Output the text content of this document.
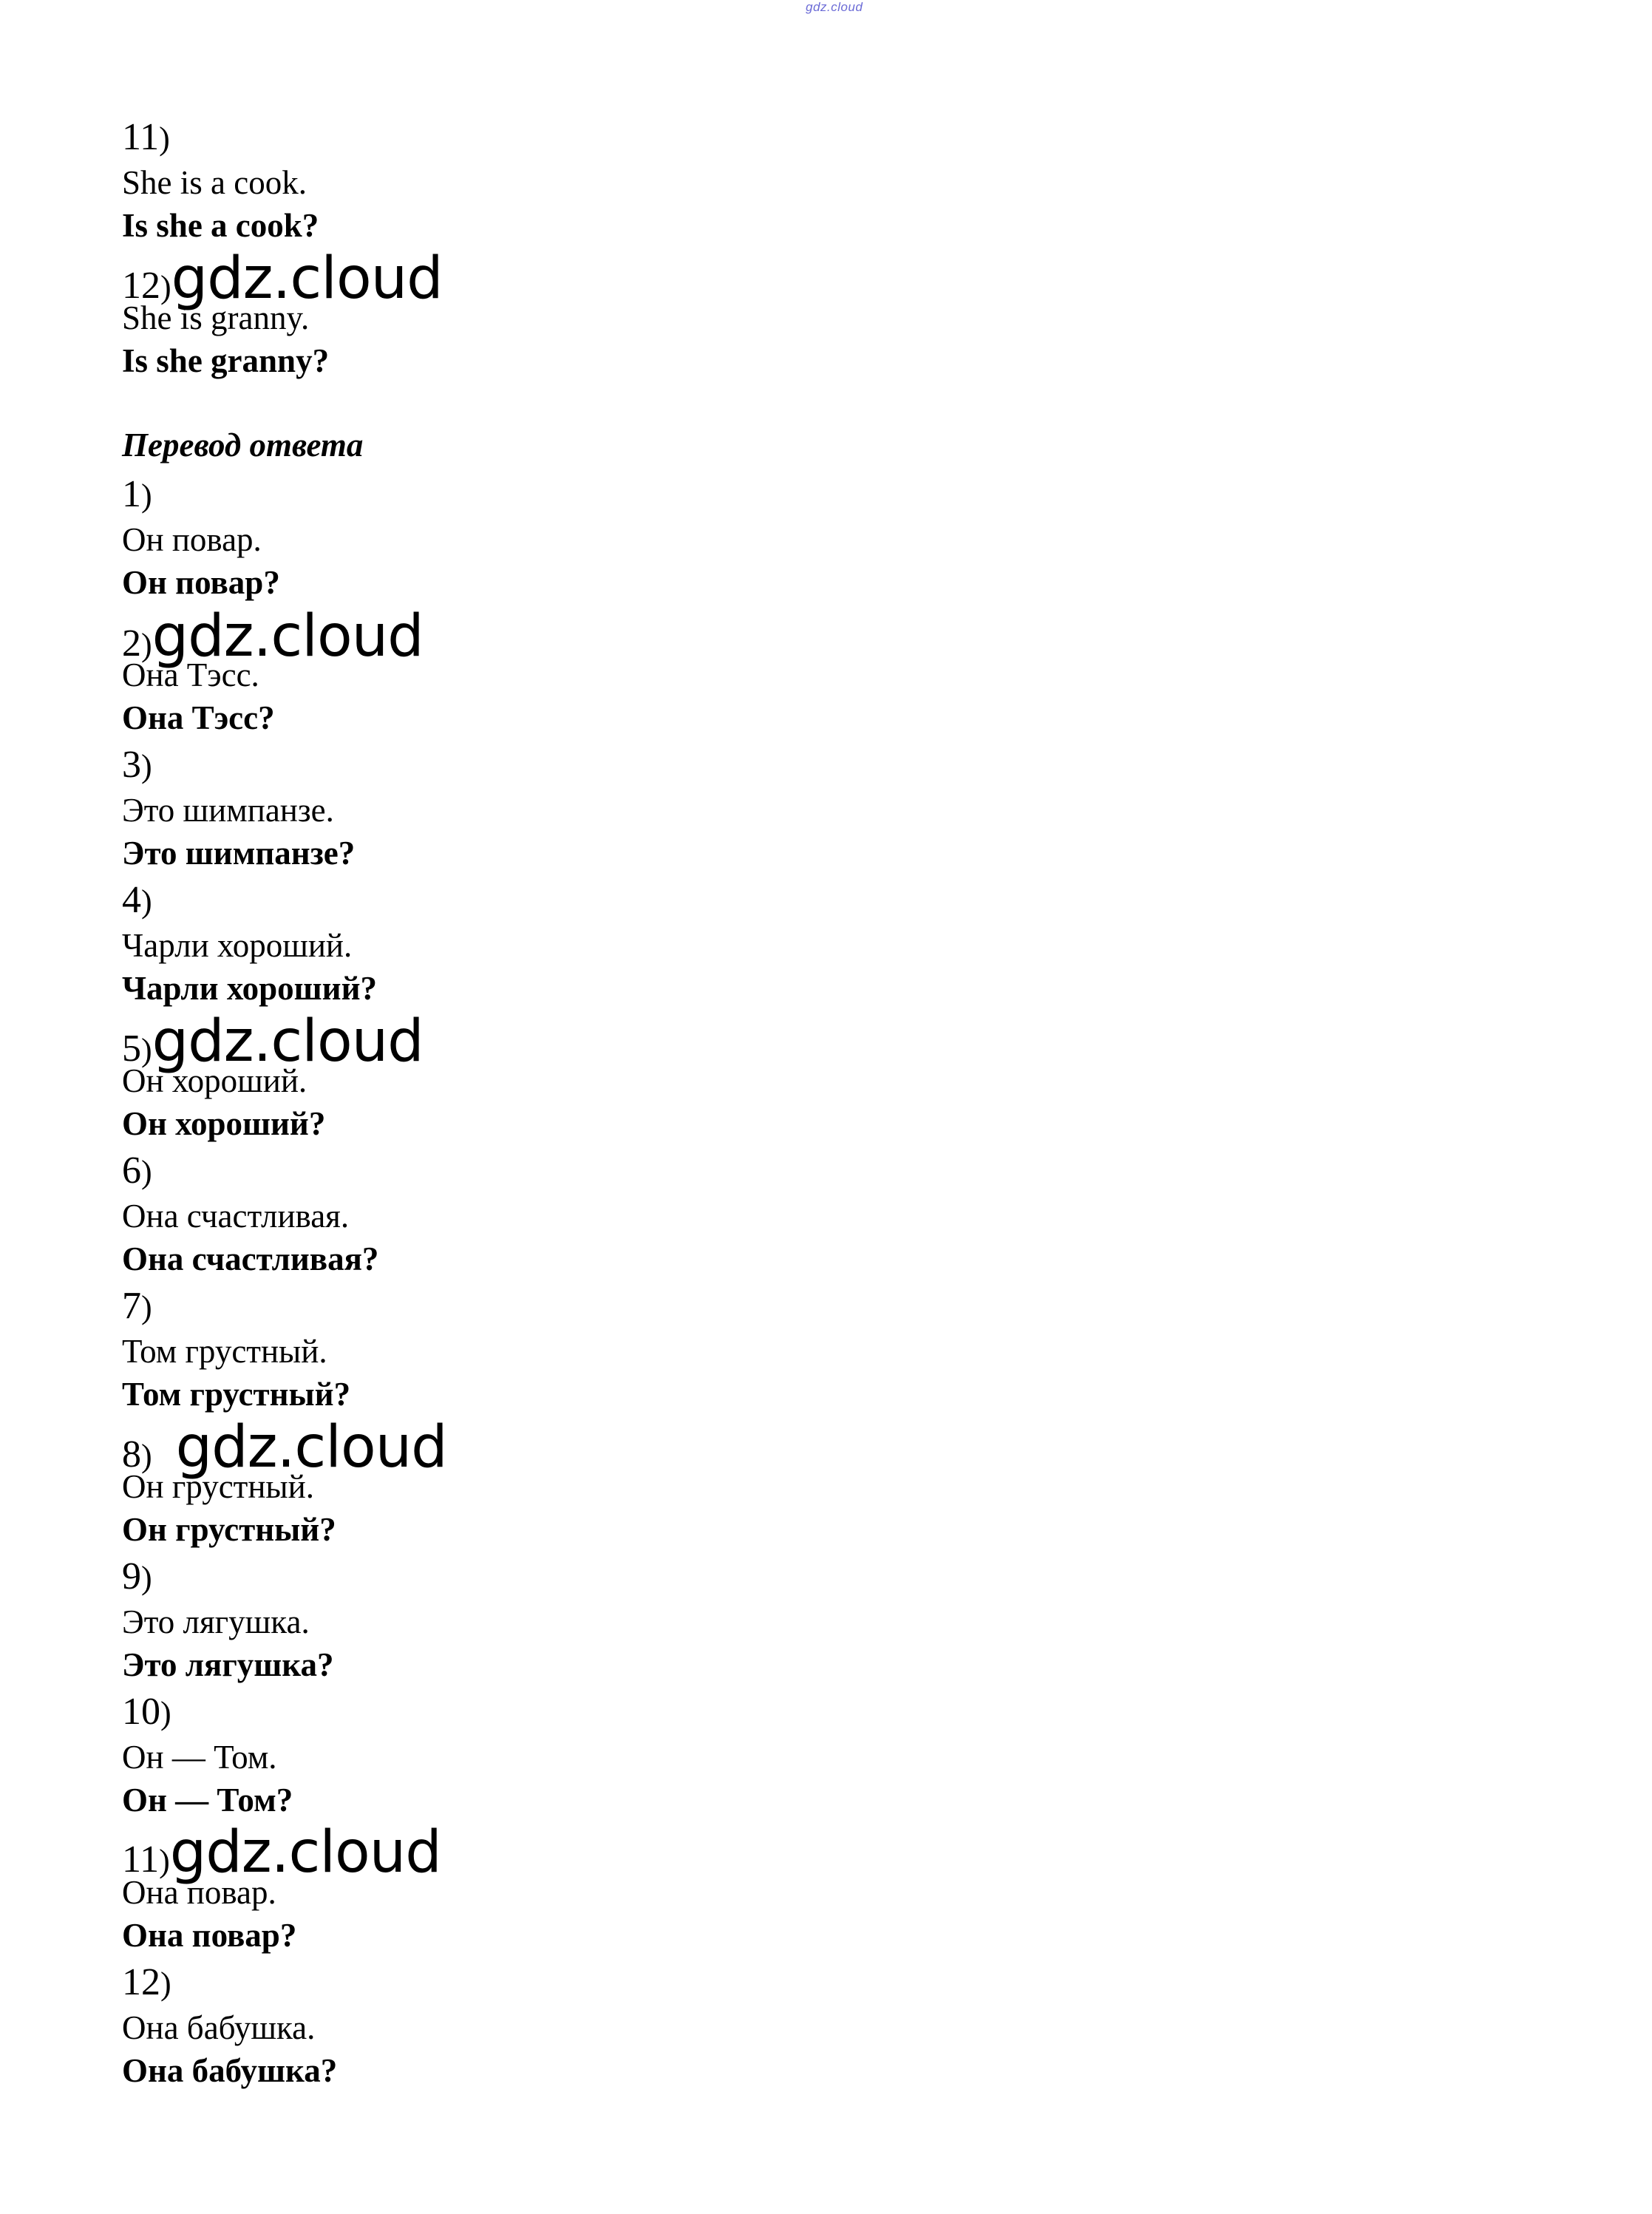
gdz.cloud
11)
She is a cook.
Is she a cook?
12)gdz.cloud
She is granny.
Is she granny?
Перевод ответа
1)
Он повар.
Он повар?
2)gdz.cloud
Она Тэсс.
Она Тэсс?
3)
Это шимпанзе.
Это шимпанзе?
4)
Чарли хороший.
Чарли хороший?
5)gdz.cloud
Он хороший.
Он хороший?
6)
Она счастливая.
Она счастливая?
7)
Том грустный.
Том грустный?
8) gdz.cloud
Он грустный.
Он грустный?
9)
Это лягушка.
Это лягушка?
10)
Он — Том.
Он — Том?
11)gdz.cloud
Она повар.
Она повар?
12)
Она бабушка.
Она бабушка?
